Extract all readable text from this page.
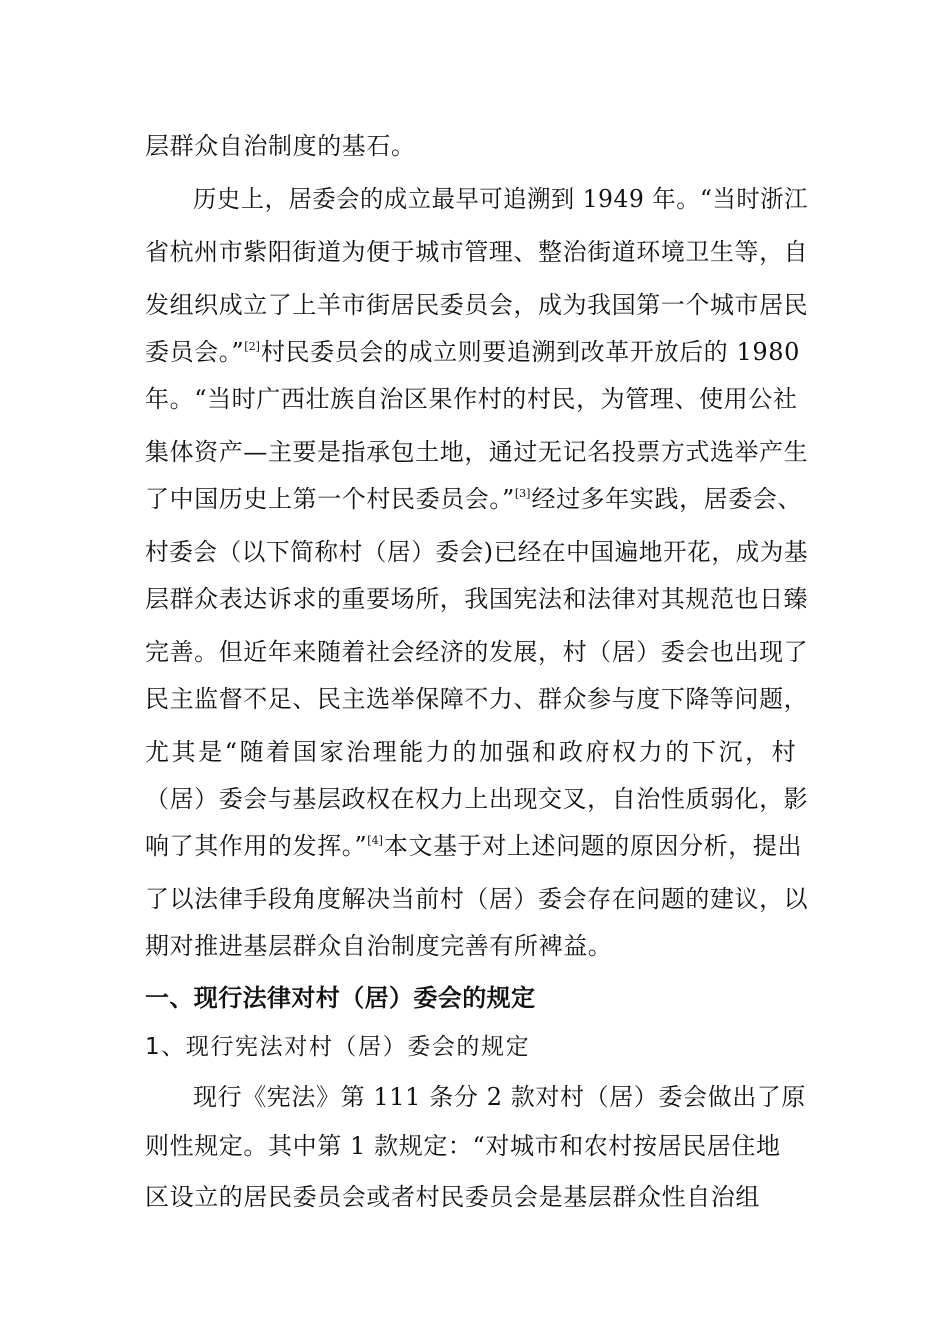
层群众自治制度的基石。
历史上，居委会的成立最早可追溯到 1949 年。“当时浙江
省杭州市紫阳街道为便于城市管理、整治街道环境卫生等，自
发组织成立了上羊市街居民委员会，成为我国第一个城市居民
委员会。”[2]村民委员会的成立则要追溯到改革开放后的 1980
年。“当时广西壮族自治区果作村的村民，为管理、使用公社
集体资产—主要是指承包土地，通过无记名投票方式选举产生
了中国历史上第一个村民委员会。”[3]经过多年实践，居委会、
村委会（以下简称村（居）委会)已经在中国遍地开花，成为基
层群众表达诉求的重要场所，我国宪法和法律对其规范也日臻
完善。但近年来随着社会经济的发展，村（居）委会也出现了
民主监督不足、民主选举保障不力、群众参与度下降等问题，
尤其是“随着国家治理能力的加强和政府权力的下沉，村
（居）委会与基层政权在权力上出现交叉，自治性质弱化，影
响了其作用的发挥。”[4]本文基于对上述问题的原因分析，提出
了以法律手段角度解决当前村（居）委会存在问题的建议，以
期对推进基层群众自治制度完善有所裨益。
一、现行法律对村（居）委会的规定
1、现行宪法对村（居）委会的规定
现行《宪法》第 111 条分 2 款对村（居）委会做出了原
则性规定。其中第 1 款规定：“对城市和农村按居民居住地
区设立的居民委员会或者村民委员会是基层群众性自治组
